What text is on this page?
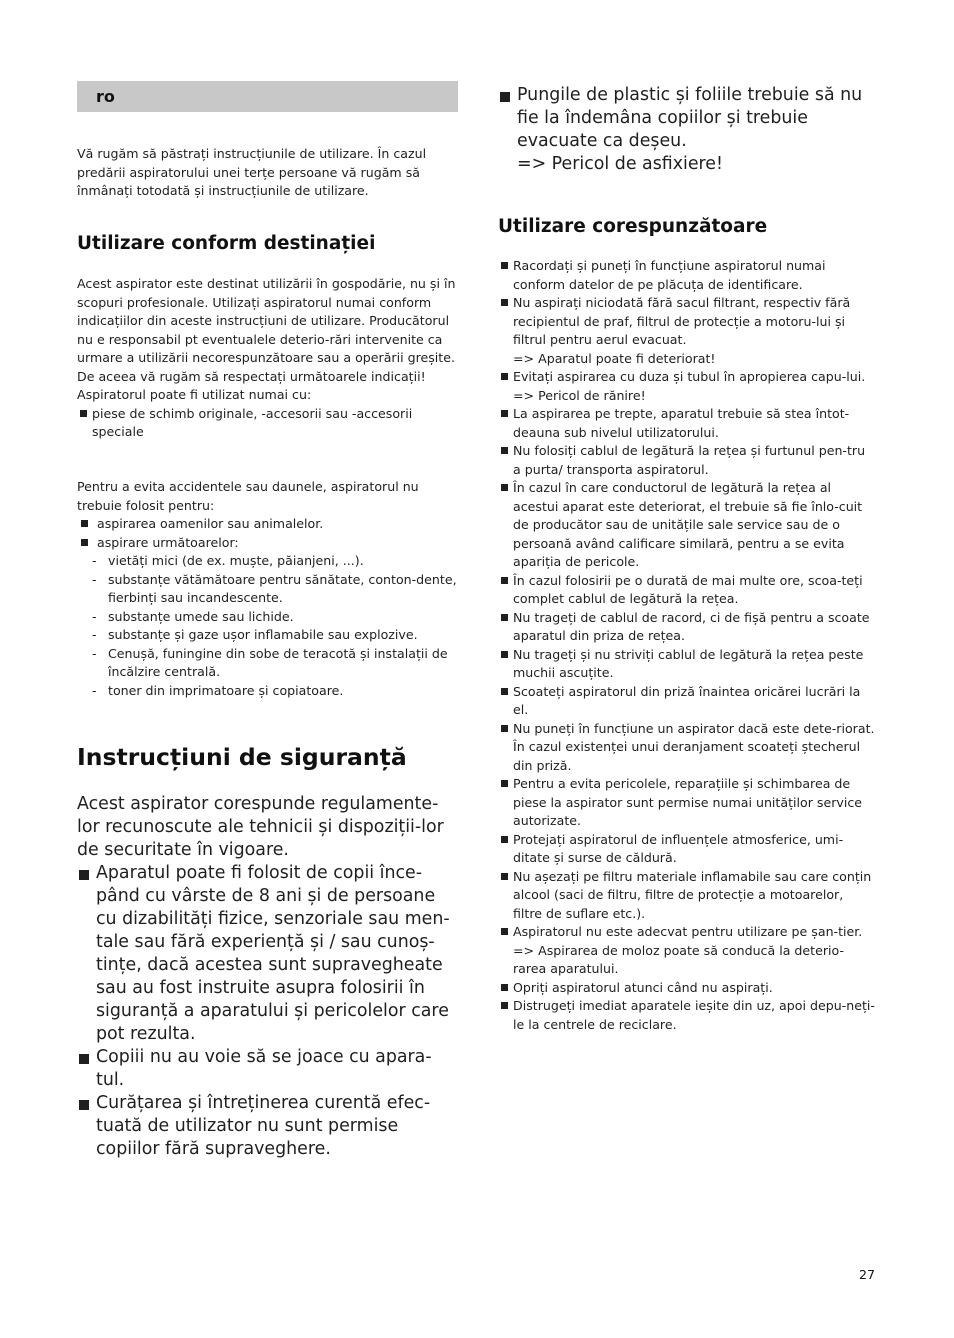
ro

Vă rugăm să păstrați instrucțiunile de utilizare. În cazul predării aspiratorului unei terțe persoane vă rugăm să înmânați totodată și instrucțiunile de utilizare.

Utilizare conform destinației

Acest aspirator este destinat utilizării în gospodărie, nu și în scopuri profesionale. Utilizați aspiratorul numai conform indicațiilor din aceste instrucțiuni de utilizare. Producătorul nu e responsabil pt eventualele deterio-rări intervenite ca urmare a utilizării necorespunzătoare sau a operării greșite.

De aceea vă rugăm să respectați următoarele indicații!

Aspiratorul poate fi utilizat numai cu:

piese de schimb originale, -accesorii sau -accesorii speciale

Pentru a evita accidentele sau daunele, aspiratorul nu trebuie folosit pentru:

aspirarea oamenilor sau animalelor.
aspirare următoarelor:
- vietăți mici (de ex. muște, păianjeni, ...).
- substanțe vătămătoare pentru sănătate, conton-dente, fierbinți sau incandescente.
- substanțe umede sau lichide.
- substanțe și gaze ușor inflamabile sau explozive.
- Cenușă, funingine din sobe de teracotă și instalații de încălzire centrală.
- toner din imprimatoare și copiatoare.
Instrucțiuni de siguranță

Acest aspirator corespunde regulamente-lor recunoscute ale tehnicii și dispoziții-lor de securitate în vigoare.

Aparatul poate fi folosit de copii înce-pând cu vârste de 8 ani și de persoane cu dizabilități fizice, senzoriale sau men-tale sau fără experiență și / sau cunoș-tințe, dacă acestea sunt supravegheate sau au fost instruite asupra folosirii în siguranță a aparatului și pericolelor care pot rezulta.
Copiii nu au voie să se joace cu apara-tul.
Curățarea și întreținerea curentă efec-tuată de utilizator nu sunt permise copiilor fără supraveghere.
Pungile de plastic și foliile trebuie să nu fie la îndemâna copiilor și trebuie evacuate ca deșeu.
=> Pericol de asfixiere!
Utilizare corespunzătoare
Racordați și puneți în funcțiune aspiratorul numai conform datelor de pe plăcuța de identificare.
Nu aspirați niciodată fără sacul filtrant, respectiv fără recipientul de praf, filtrul de protecție a motoru-lui și filtrul pentru aerul evacuat.
=> Aparatul poate fi deteriorat!
Evitați aspirarea cu duza și tubul în apropierea capu-lui. => Pericol de rănire!
La aspirarea pe trepte, aparatul trebuie să stea întot-deauna sub nivelul utilizatorului.
Nu folosiți cablul de legătură la rețea și furtunul pen-tru a purta/ transporta aspiratorul.
În cazul în care conductorul de legătură la rețea al acestui aparat este deteriorat, el trebuie să fie înlo-cuit de producător sau de unitățile sale service sau de o persoană având calificare similară, pentru a se evita apariția de pericole.
În cazul folosirii pe o durată de mai multe ore, scoa-teți complet cablul de legătură la rețea.
Nu trageți de cablul de racord, ci de fișă pentru a scoate aparatul din priza de rețea.
Nu trageți și nu striviți cablul de legătură la rețea peste muchii ascuțite.
Scoateți aspiratorul din priză înaintea oricărei lucrări la el.
Nu puneți în funcțiune un aspirator dacă este dete-riorat. În cazul existenței unui deranjament scoateți ștecherul din priză.
Pentru a evita pericolele, reparațiile și schimbarea de piese la aspirator sunt permise numai unităților service autorizate.
Protejați aspiratorul de influențele atmosferice, umi-ditate și surse de căldură.
Nu așezați pe filtru materiale inflamabile sau care conțin alcool (saci de filtru, filtre de protecție a motoarelor, filtre de suflare etc.).
Aspiratorul nu este adecvat pentru utilizare pe șan-tier.
=> Aspirarea de moloz poate să conducă la deterio-rarea aparatului.
Opriți aspiratorul atunci când nu aspirați.
Distrugeți imediat aparatele ieșite din uz, apoi depu-neți-le la centrele de reciclare.
27
